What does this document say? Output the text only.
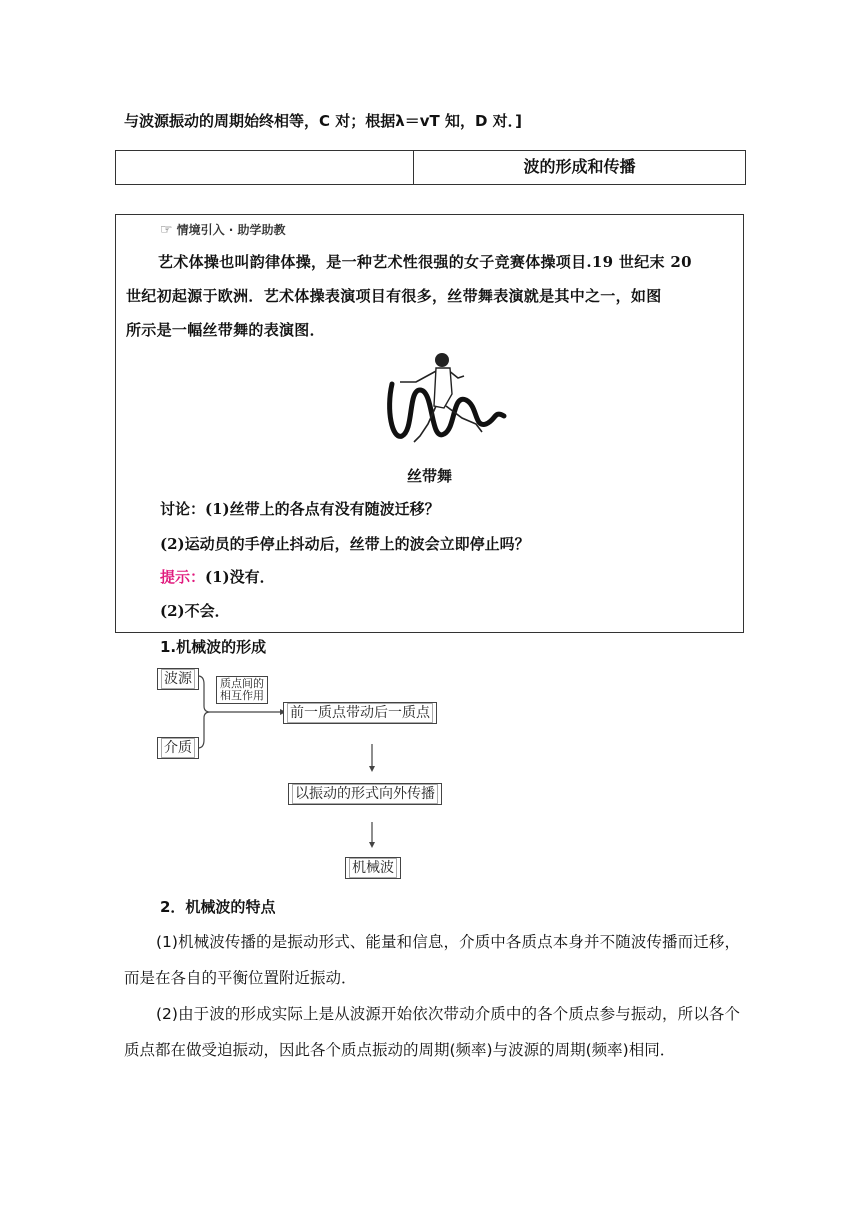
与波源振动的周期始终相等，C 对；根据λ＝vT 知，D 对．]
波的形成和传播
☞ 情境引入 · 助学助教
艺术体操也叫韵律体操，是一种艺术性很强的女子竞赛体操项目.19 世纪末 20
世纪初起源于欧洲．艺术体操表演项目有很多，丝带舞表演就是其中之一，如图
所示是一幅丝带舞的表演图．
丝带舞
讨论：(1)丝带上的各点有没有随波迁移？
(2)运动员的手停止抖动后，丝带上的波会立即停止吗？
提示：(1)没有．
(2)不会．
1.机械波的形成
波源
介质
质点间的
相互作用
前一质点带动后一质点
以振动的形式向外传播
机械波
2．机械波的特点
(1)机械波传播的是振动形式、能量和信息，介质中各质点本身并不随波传播而迁移，而是在各自的平衡位置附近振动．
(2)由于波的形成实际上是从波源开始依次带动介质中的各个质点参与振动，所以各个质点都在做受迫振动，因此各个质点振动的周期(频率)与波源的周期(频率)相同．
